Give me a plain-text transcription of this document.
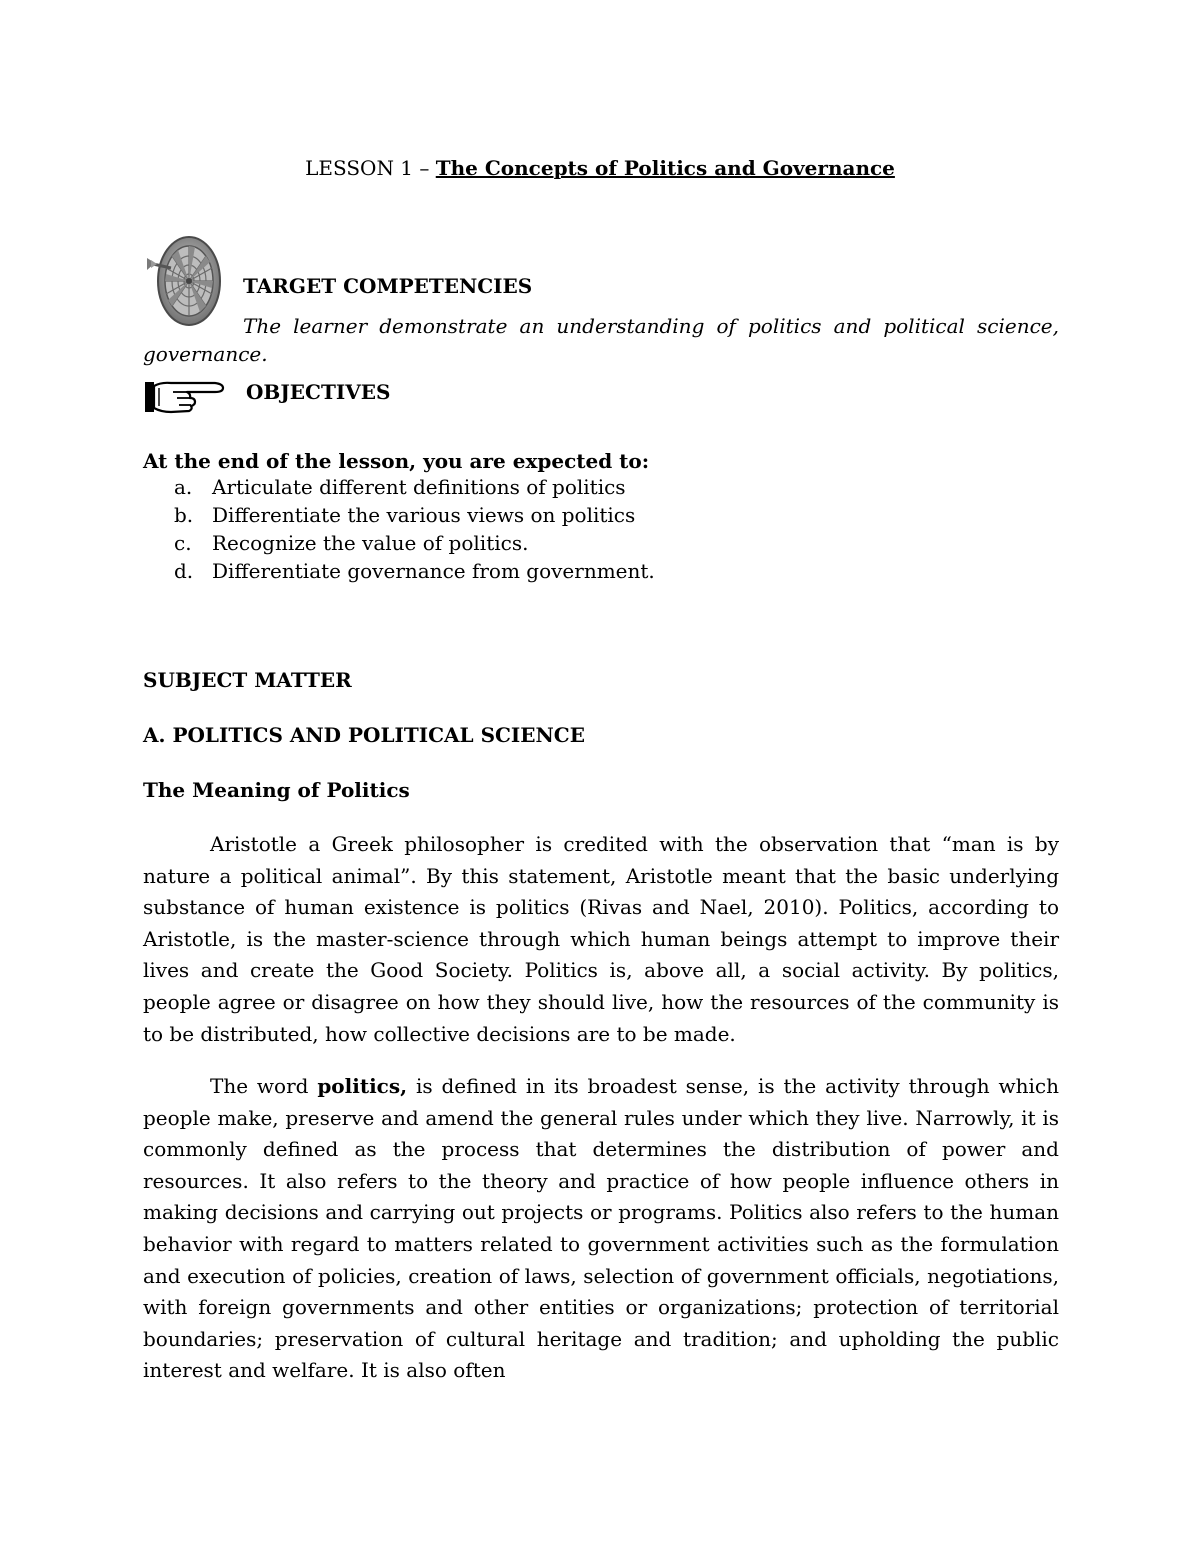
LESSON 1 – The Concepts of Politics and Governance
TARGET COMPETENCIES
The learner demonstrate an understanding of politics and political science, governance.
OBJECTIVES
At the end of the lesson, you are expected to:
a. Articulate different definitions of politics
b. Differentiate the various views on politics
c. Recognize the value of politics.
d. Differentiate governance from government.
SUBJECT MATTER
A. POLITICS AND POLITICAL SCIENCE
The Meaning of Politics

Aristotle a Greek philosopher is credited with the observation that “man is by nature a political animal”. By this statement, Aristotle meant that the basic underlying substance of human existence is politics (Rivas and Nael, 2010). Politics, according to Aristotle, is the master-science through which human beings attempt to improve their lives and create the Good Society. Politics is, above all, a social activity. By politics, people agree or disagree on how they should live, how the resources of the community is to be distributed, how collective decisions are to be made.

The word politics, is defined in its broadest sense, is the activity through which people make, preserve and amend the general rules under which they live. Narrowly, it is commonly defined as the process that determines the distribution of power and resources. It also refers to the theory and practice of how people influence others in making decisions and carrying out projects or programs. Politics also refers to the human behavior with regard to matters related to government activities such as the formulation and execution of policies, creation of laws, selection of government officials, negotiations, with foreign governments and other entities or organizations; protection of territorial boundaries; preservation of cultural heritage and tradition; and upholding the public interest and welfare. It is also often
